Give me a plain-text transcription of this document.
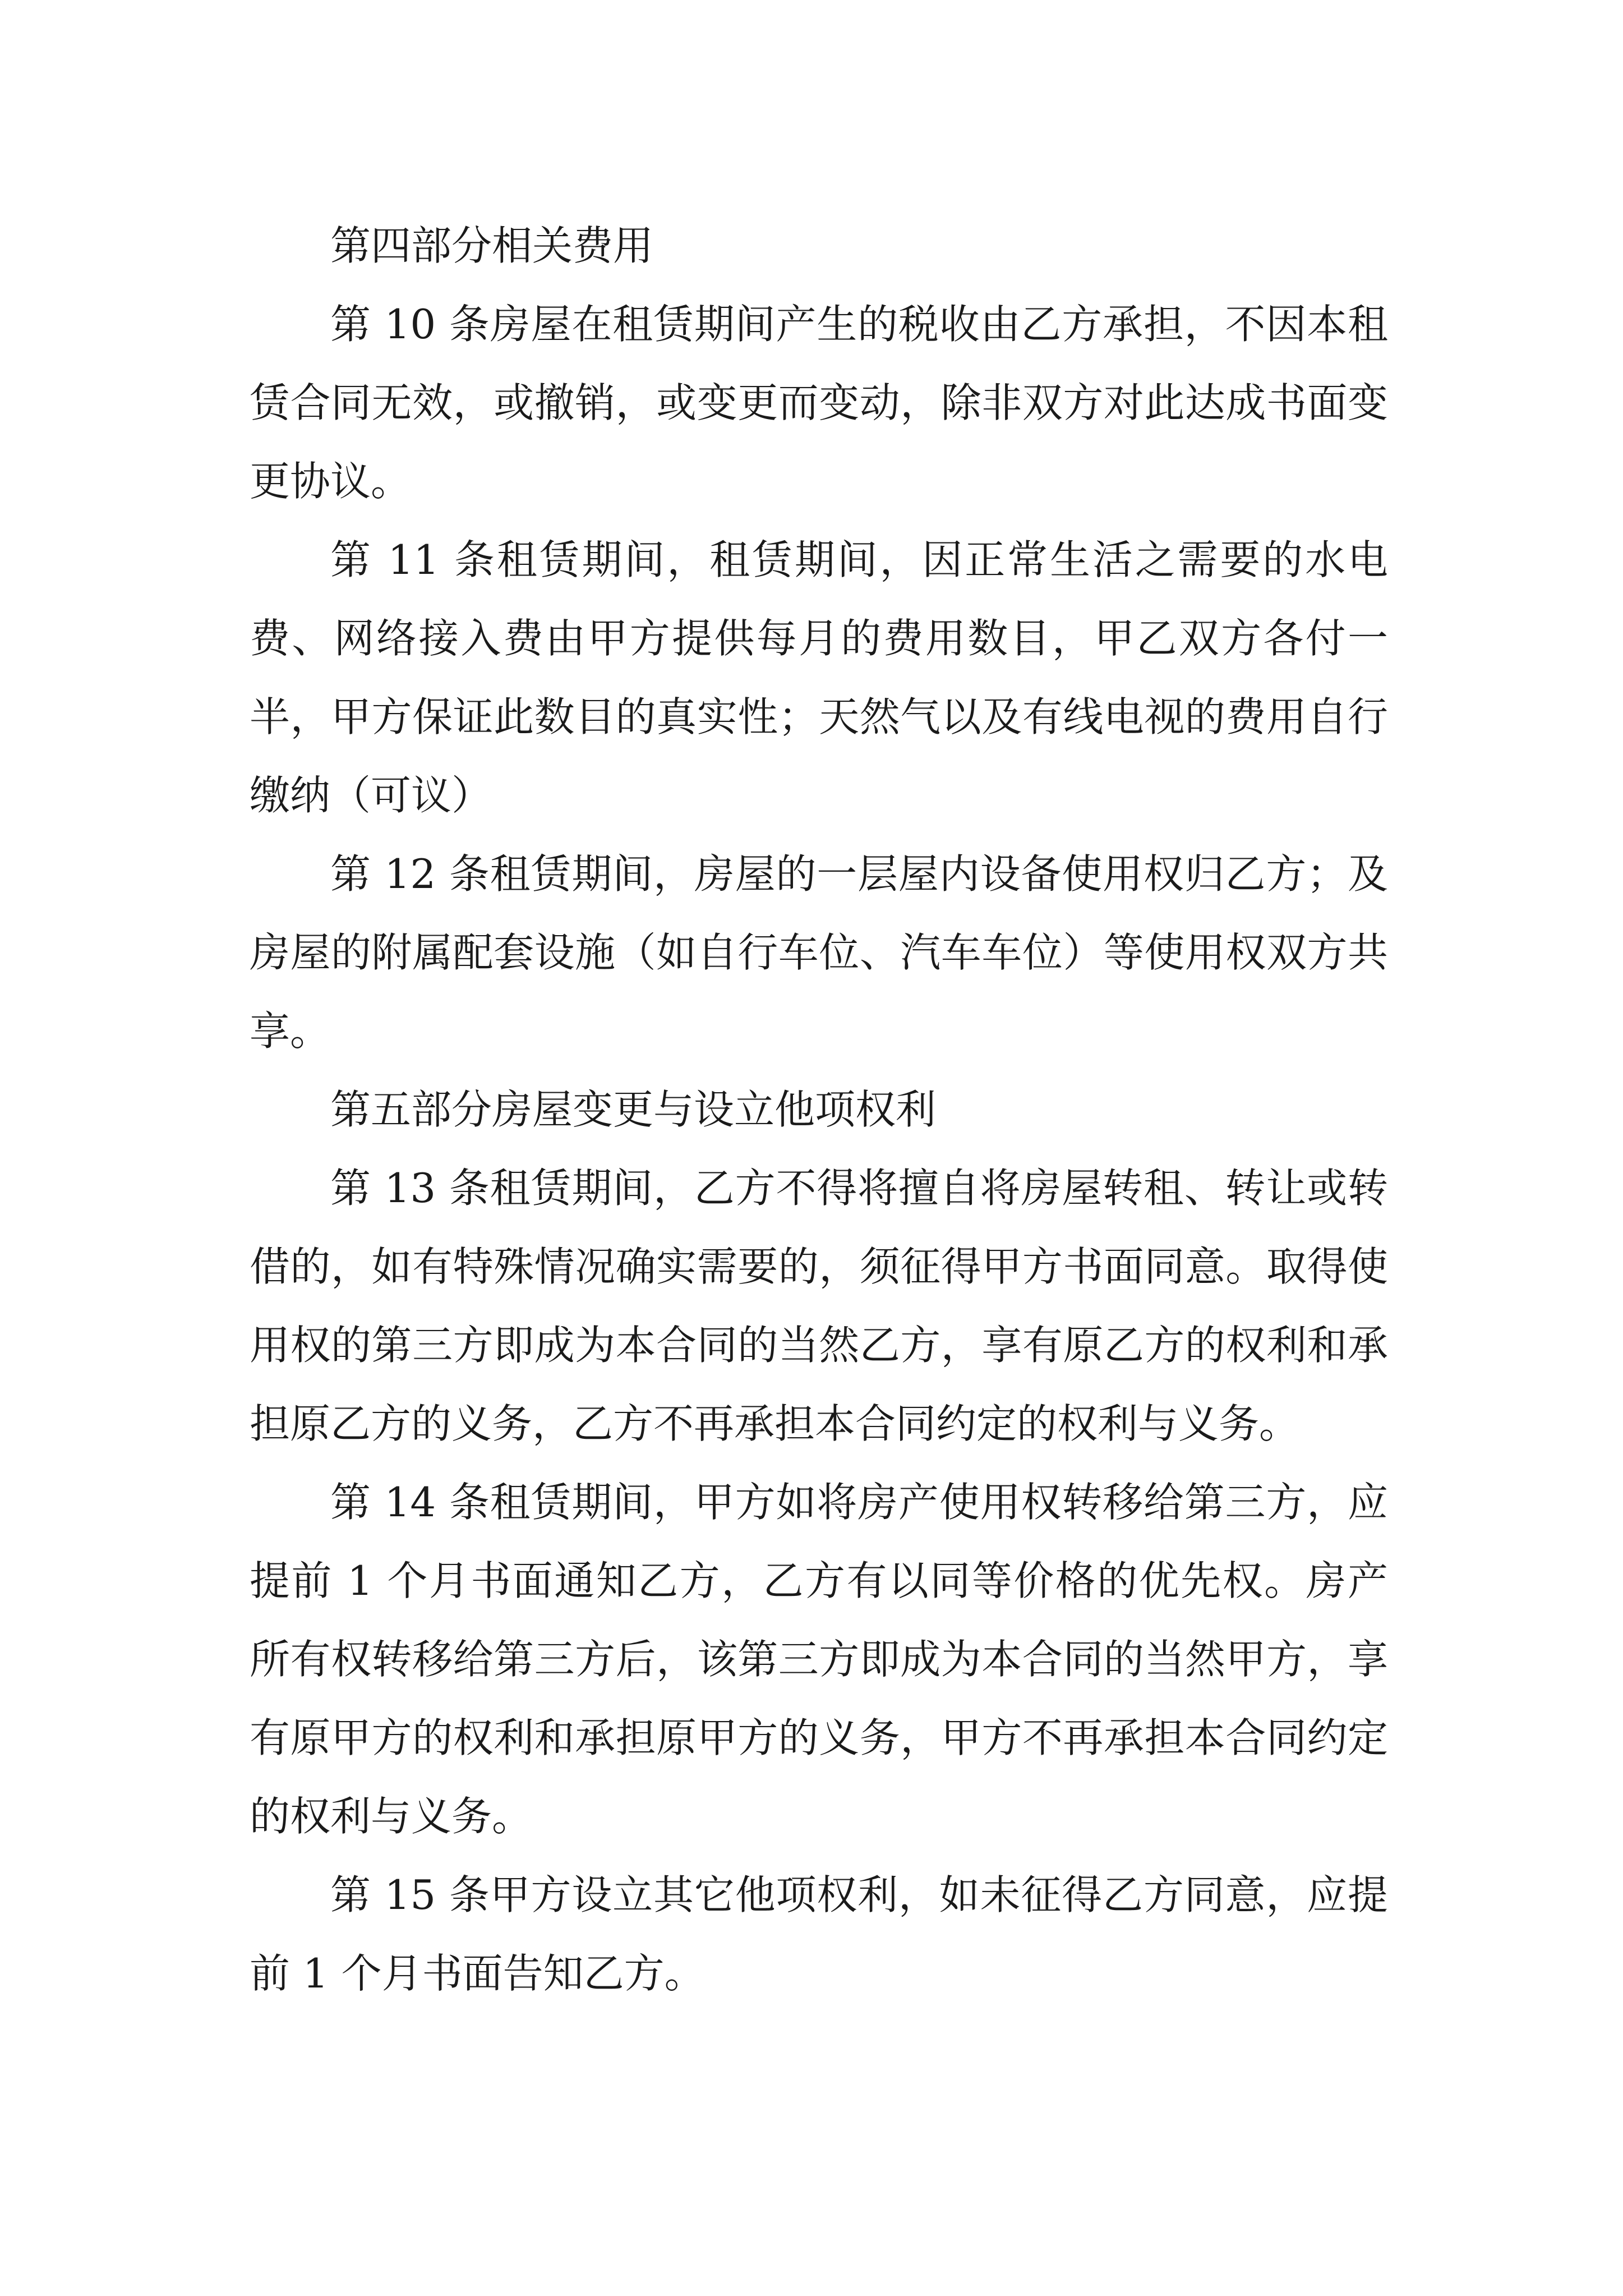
第四部分相关费用

第 10 条房屋在租赁期间产生的税收由乙方承担，不因本租赁合同无效，或撤销，或变更而变动，除非双方对此达成书面变更协议。

第 11 条租赁期间，租赁期间，因正常生活之需要的水电费、网络接入费由甲方提供每月的费用数目，甲乙双方各付一半，甲方保证此数目的真实性；天然气以及有线电视的费用自行缴纳（可议）

第 12 条租赁期间，房屋的一层屋内设备使用权归乙方；及房屋的附属配套设施（如自行车位、汽车车位）等使用权双方共享。

第五部分房屋变更与设立他项权利

第 13 条租赁期间，乙方不得将擅自将房屋转租、转让或转借的，如有特殊情况确实需要的，须征得甲方书面同意。取得使用权的第三方即成为本合同的当然乙方，享有原乙方的权利和承担原乙方的义务，乙方不再承担本合同约定的权利与义务。

第 14 条租赁期间，甲方如将房产使用权转移给第三方，应提前 1 个月书面通知乙方，乙方有以同等价格的优先权。房产所有权转移给第三方后，该第三方即成为本合同的当然甲方，享有原甲方的权利和承担原甲方的义务，甲方不再承担本合同约定的权利与义务。

第 15 条甲方设立其它他项权利，如未征得乙方同意，应提前 1 个月书面告知乙方。
